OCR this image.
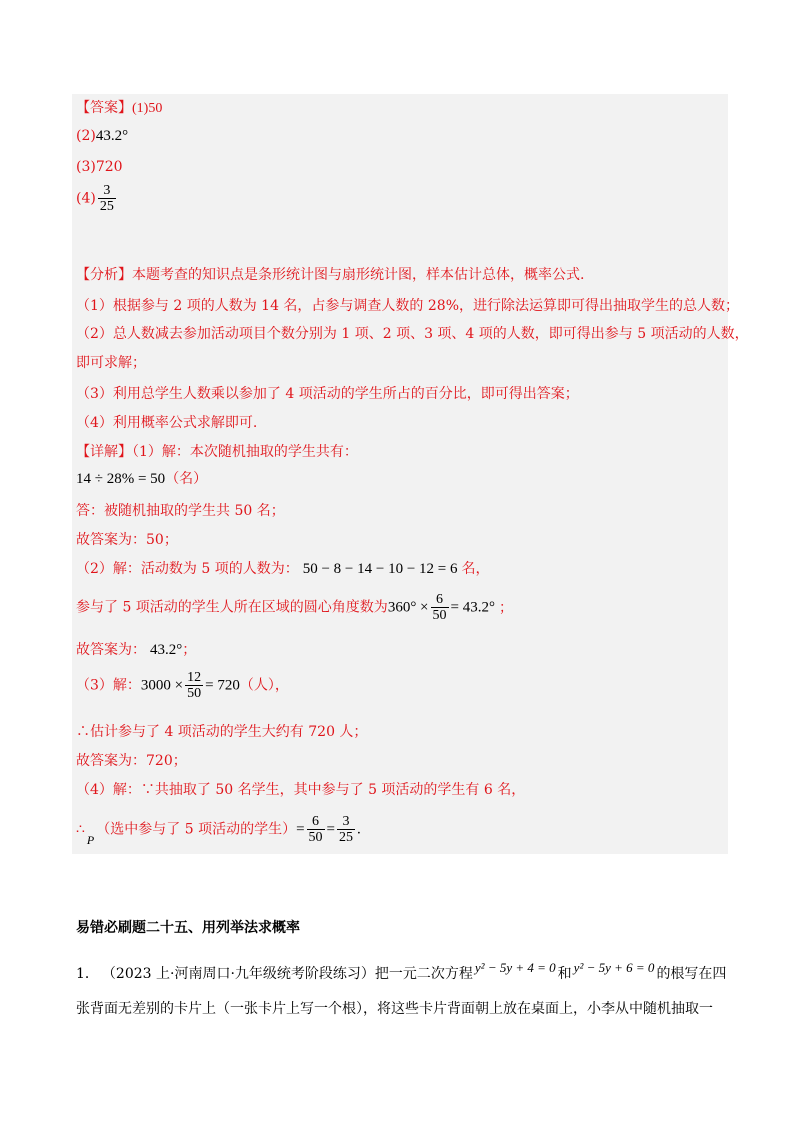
【答案】(1)50
(2)43.2°
(3)720
$(4) \frac{3}{25}$
【分析】本题考查的知识点是条形统计图与扇形统计图，样本估计总体，概率公式.
（1）根据参与 2 项的人数为 14 名，占参与调查人数的 28%，进行除法运算即可得出抽取学生的总人数；
（2）总人数减去参加活动项目个数分别为 1 项、2 项、3 项、4 项的人数，即可得出参与 5 项活动的人数，
即可求解；
（3）利用总学生人数乘以参加了 4 项活动的学生所占的百分比，即可得出答案；
（4）利用概率公式求解即可.
【详解】（1）解：本次随机抽取的学生共有：
14 ÷ 28% = 50（名）
答：被随机抽取的学生共 50 名；
故答案为：50；
（2）解：活动数为 5 项的人数为： 50 − 8 − 14 − 10 − 12 = 6 名，
参与了 5 项活动的学生人所在区域的圆心角度数为$360^\circ \times \frac{6}{50} = 43.2^\circ$ ；
故答案为： 43.2°；
（3）解：$3000 \times \frac{12}{50} = 720$（人），
∴估计参与了 4 项活动的学生大约有 720 人；
故答案为：720；
（4）解：∵共抽取了 50 名学生，其中参与了 5 项活动的学生有 6 名，
∴P（选中参与了 5 项活动的学生）= $\frac{6}{50} = \frac{3}{25}$ .
易错必刷题二十五、用列举法求概率
1． （2023 上·河南周口·九年级统考阶段练习）把一元二次方程 y² − 5y + 4 = 0 和 y² − 5y + 6 = 0 的根写在四
张背面无差别的卡片上（一张卡片上写一个根），将这些卡片背面朝上放在桌面上，小李从中随机抽取一
